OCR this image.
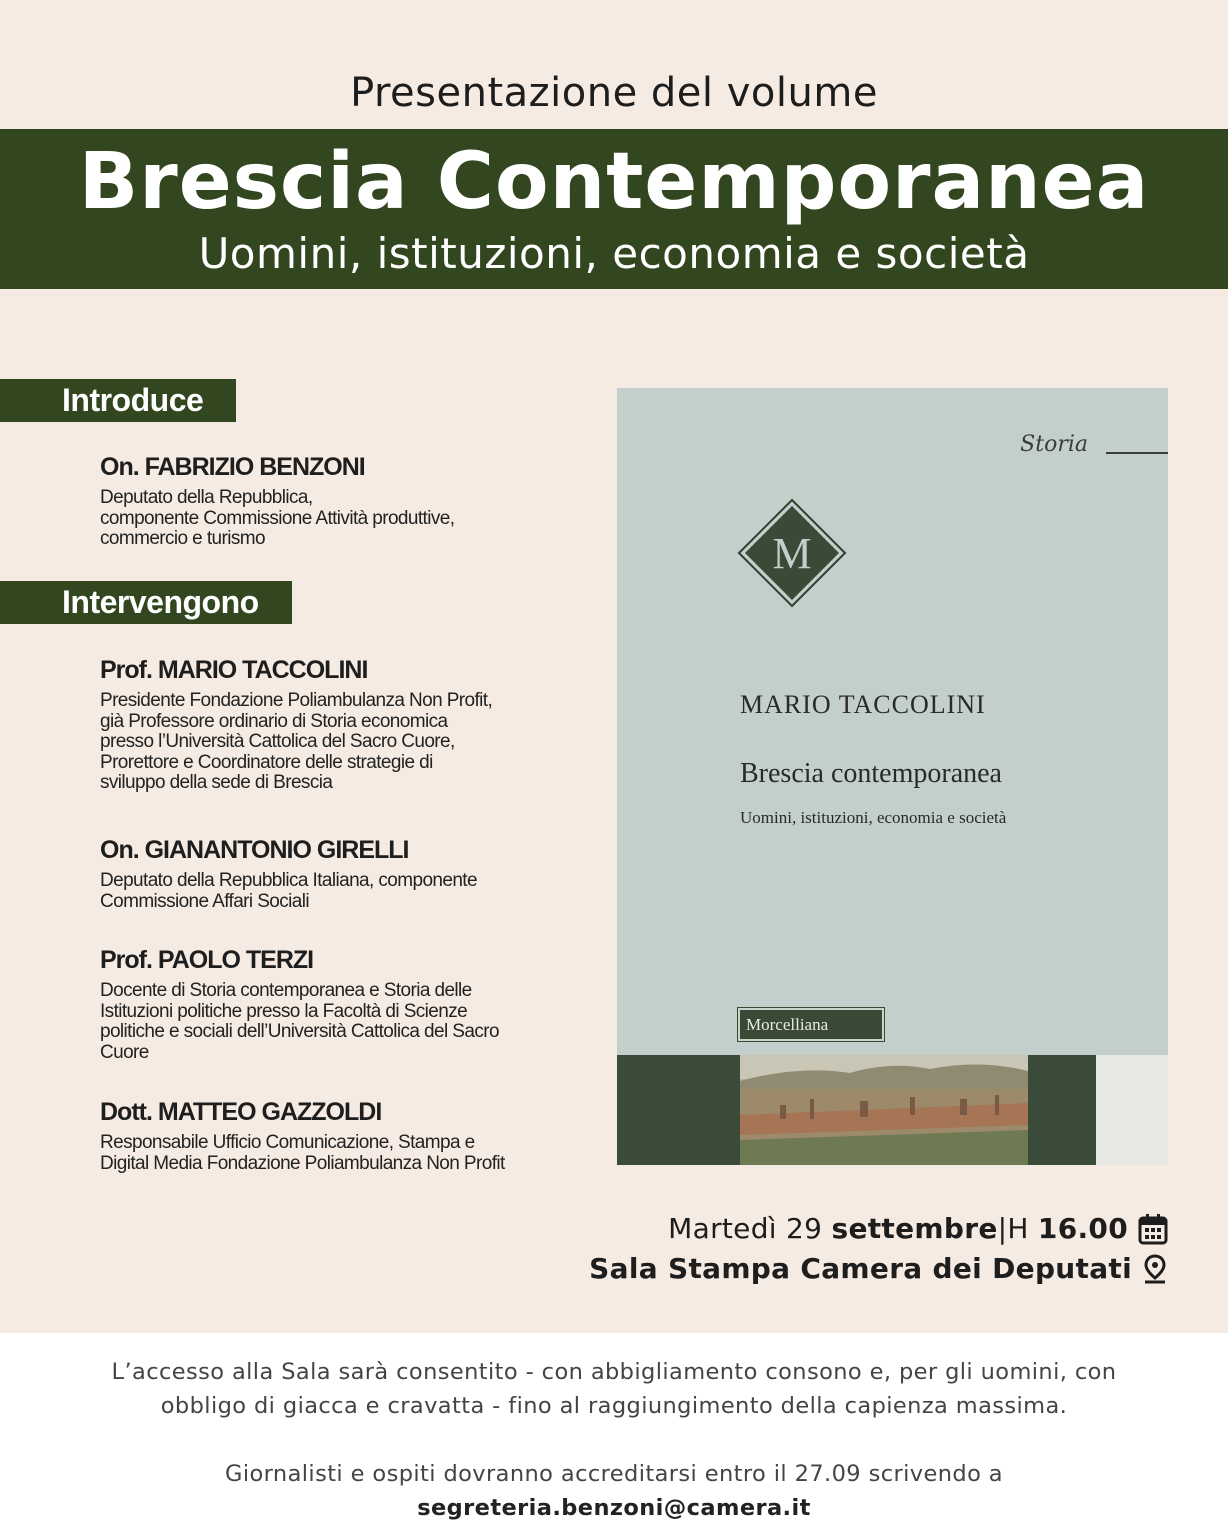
Presentazione del volume
Brescia Contemporanea
Uomini, istituzioni, economia e società
Introduce
On. FABRIZIO BENZONI
Deputato della Repubblica,
componente Commissione Attività produttive,
commercio e turismo
Intervengono
Prof. MARIO TACCOLINI
Presidente Fondazione Poliambulanza Non Profit,
già Professore ordinario di Storia economica
presso l’Università Cattolica del Sacro Cuore,
Prorettore e Coordinatore delle strategie di
sviluppo della sede di Brescia
On. GIANANTONIO GIRELLI
Deputato della Repubblica Italiana, componente
Commissione Affari Sociali
Prof. PAOLO TERZI
Docente di Storia contemporanea e Storia delle
Istituzioni politiche presso la Facoltà di Scienze
politiche e sociali dell’Università Cattolica del Sacro
Cuore
Dott. MATTEO GAZZOLDI
Responsabile Ufficio Comunicazione, Stampa e
Digital Media Fondazione Poliambulanza Non Profit
Storia
M
MARIO TACCOLINI
Brescia contemporanea
Uomini, istituzioni, economia e società
Morcelliana
Martedì 29 settembre|H 16.00
Sala Stampa Camera dei Deputati
L’accesso alla Sala sarà consentito - con abbigliamento consono e, per gli uomini, con
obbligo di giacca e cravatta - fino al raggiungimento della capienza massima.
Giornalisti e ospiti dovranno accreditarsi entro il 27.09 scrivendo a
segreteria.benzoni@camera.it
